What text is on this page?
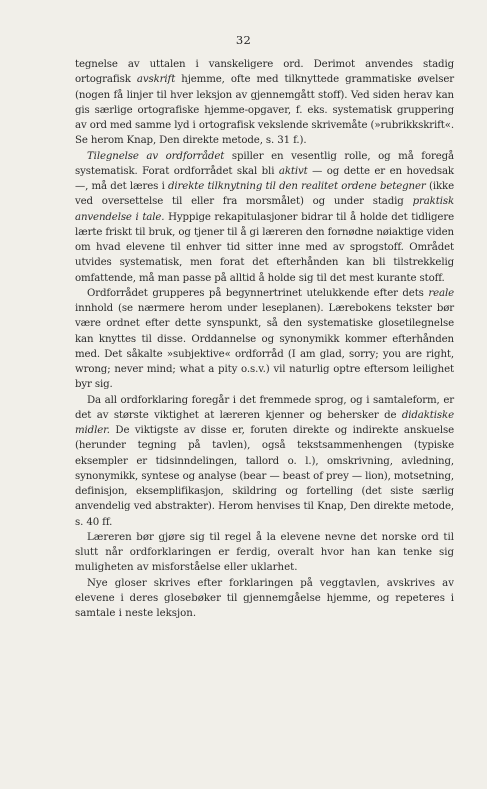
32

tegnelse av uttalen i vanskeligere ord. Derimot anvendes stadig ortografisk avskrift hjemme, ofte med tilknyttede grammatiske øvelser (nogen få linjer til hver leksjon av gjennemgått stoff). Ved siden herav kan gis særlige ortografiske hjemme-opgaver, f. eks. systematisk gruppering av ord med samme lyd i ortografisk vekslende skrivemåte (»rubrikkskrift«. Se herom Knap, Den direkte metode, s. 31 f.).

Tilegnelse av ordforrådet spiller en vesentlig rolle, og må foregå systematisk. Forat ordforrådet skal bli aktivt — og dette er en hovedsak —, må det læres i direkte tilknytning til den realitet ordene betegner (ikke ved oversettelse til eller fra morsmålet) og under stadig praktisk anvendelse i tale. Hyppige rekapitulasjoner bidrar til å holde det tidligere lærte friskt til bruk, og tjener til å gi læreren den fornødne nøiaktige viden om hvad elevene til enhver tid sitter inne med av sprogstoff. Området utvides systematisk, men forat det efterhånden kan bli tilstrekkelig omfattende, må man passe på alltid å holde sig til det mest kurante stoff.

Ordforrådet grupperes på begynnertrinet utelukkende efter dets reale innhold (se nærmere herom under leseplanen). Lærebokens tekster bør være ordnet efter dette synspunkt, så den systematiske glosetilegnelse kan knyttes til disse. Orddannelse og synonymikk kommer efterhånden med. Det såkalte »subjektive« ordforråd (I am glad, sorry; you are right, wrong; never mind; what a pity o.s.v.) vil naturlig optre eftersom leilighet byr sig.

Da all ordforklaring foregår i det fremmede sprog, og i samtaleform, er det av største viktighet at læreren kjenner og behersker de didaktiske midler. De viktigste av disse er, foruten direkte og indirekte anskuelse (herunder tegning på tavlen), også tekstsammenhengen (typiske eksempler er tidsinndelingen, tallord o. l.), omskrivning, avledning, synonymikk, syntese og analyse (bear — beast of prey — lion), motsetning, definisjon, eksemplifikasjon, skildring og fortelling (det siste særlig anvendelig ved abstrakter). Herom henvises til Knap, Den direkte metode, s. 40 ff.

Læreren bør gjøre sig til regel å la elevene nevne det norske ord til slutt når ordforklaringen er ferdig, overalt hvor han kan tenke sig muligheten av misforståelse eller uklarhet.

Nye gloser skrives efter forklaringen på veggtavlen, avskrives av elevene i deres glosebøker til gjennemgåelse hjemme, og repeteres i samtale i neste leksjon.
